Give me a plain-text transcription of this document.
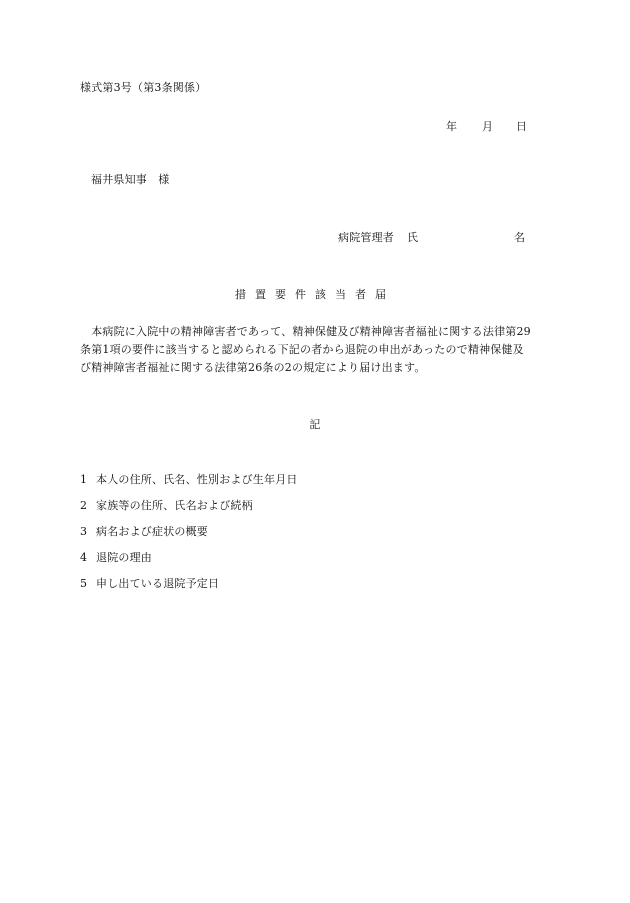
様式第3号（第3条関係）
年 月 日
福井県知事　様
病院管理者 氏	名
措置要件該当者届
　本病院に入院中の精神障害者であって、精神保健及び精神障害者福祉に関する法律第29
条第1項の要件に該当すると認められる下記の者から退院の申出があったので精神保健及
び精神障害者福祉に関する法律第26条の2の規定により届け出ます。
記
1 本人の住所、氏名、性別および生年月日
2 家族等の住所、氏名および続柄
3 病名および症状の概要
4 退院の理由
5 申し出ている退院予定日
